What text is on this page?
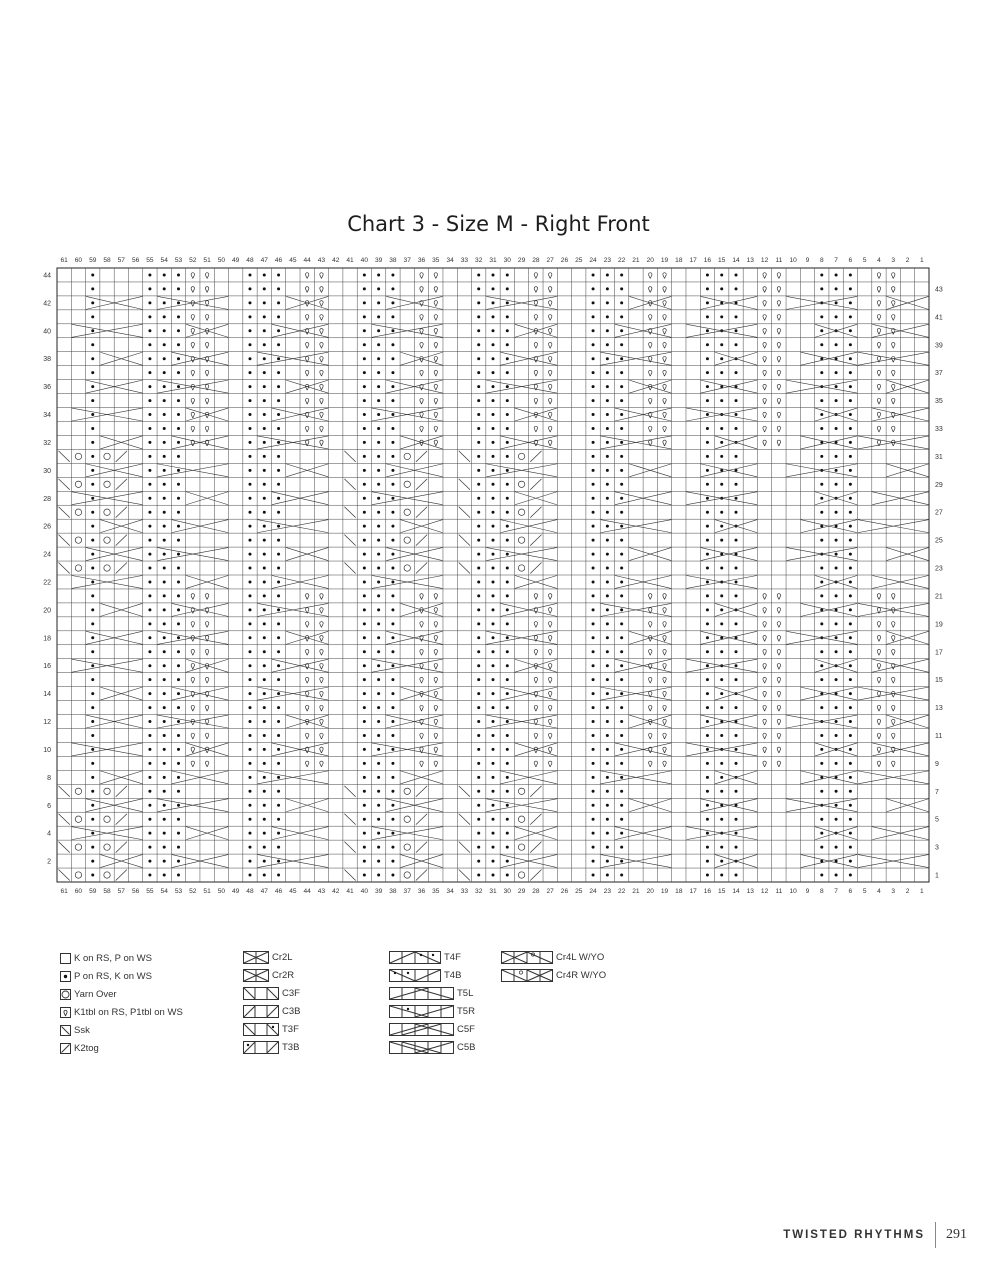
Chart 3 - Size M - Right Front
61
61
60
60
59
59
58
58
57
57
56
56
55
55
54
54
53
53
52
52
51
51
50
50
49
49
48
48
47
47
46
46
45
45
44
44
43
43
42
42
41
41
40
40
39
39
38
38
37
37
36
36
35
35
34
34
33
33
32
32
31
31
30
30
29
29
28
28
27
27
26
26
25
25
24
24
23
23
22
22
21
21
20
20
19
19
18
18
17
17
16
16
15
15
14
14
13
13
12
12
11
11
10
10
9
9
8
8
7
7
6
6
5
5
4
4
3
3
2
2
1
1
1
2
3
4
5
6
7
8
9
10
11
12
13
14
15
16
17
18
19
20
21
22
23
24
25
26
27
28
29
30
31
32
33
34
35
36
37
38
39
40
41
42
43
44
K on RS, P on WS
P on RS, K on WS
Yarn Over
K1tbl on RS, P1tbl on WS
Ssk
K2tog
Cr2L
Cr2R
C3F
C3B
T3F
T3B
T4F
T4B
T5L
T5R
C5F
C5B
Cr4L W/YO
Cr4R W/YO
TWISTED RHYTHMS 291
